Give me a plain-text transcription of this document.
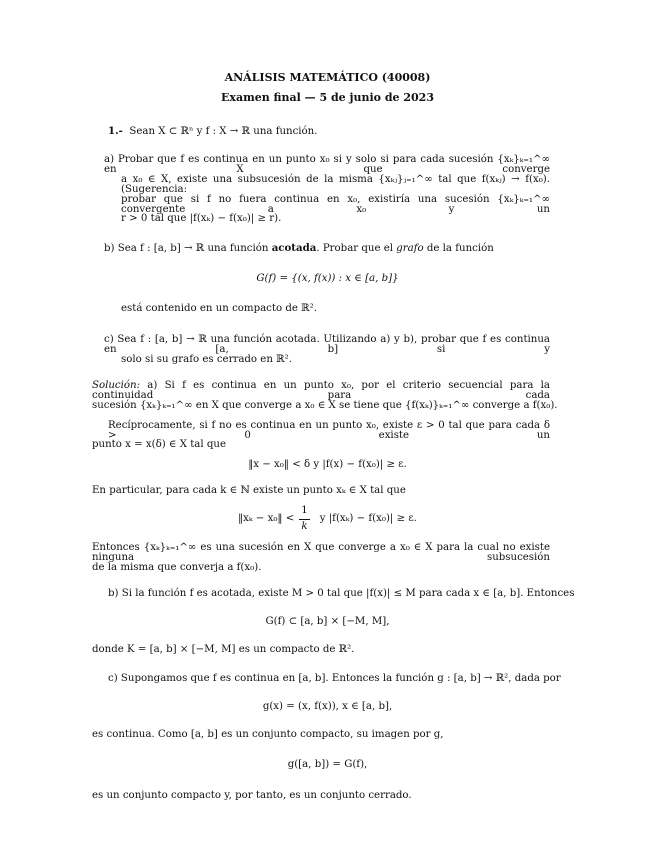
ANÁLISIS MATEMÁTICO (40008)
Examen final — 5 de junio de 2023
1.- Sean X ⊂ ℝⁿ y f : X → ℝ una función.
a) Probar que f es continua en un punto x₀ si y solo si para cada sucesión {xₖ}ₖ₌₁^∞ en X que converge
a x₀ ∈ X, existe una subsucesión de la misma {xₖⱼ}ⱼ₌₁^∞ tal que f(xₖⱼ) → f(x₀). (Sugerencia:
probar que si f no fuera continua en x₀, existiría una sucesión {xₖ}ₖ₌₁^∞ convergente a x₀ y un
r > 0 tal que |f(xₖ) − f(x₀)| ≥ r).
b) Sea f : [a, b] → ℝ una función acotada. Probar que el grafo de la función
G(f) = {(x, f(x)) : x ∈ [a, b]}
está contenido en un compacto de ℝ².
c) Sea f : [a, b] → ℝ una función acotada. Utilizando a) y b), probar que f es continua en [a, b] si y
solo si su grafo es cerrado en ℝ².
Solución: a) Si f es continua en un punto x₀, por el criterio secuencial para la continuidad para cada
sucesión {xₖ}ₖ₌₁^∞ en X que converge a x₀ ∈ X se tiene que {f(xₖ)}ₖ₌₁^∞ converge a f(x₀).
Recíprocamente, si f no es continua en un punto x₀, existe ε > 0 tal que para cada δ > 0 existe un
punto x = x(δ) ∈ X tal que
‖x − x₀‖ < δ y |f(x) − f(x₀)| ≥ ε.
En particular, para cada k ∈ ℕ existe un punto xₖ ∈ X tal que
‖xₖ − x₀‖ < $\frac{1}{k}$ y |f(xₖ) − f(x₀)| ≥ ε.
Entonces {xₖ}ₖ₌₁^∞ es una sucesión en X que converge a x₀ ∈ X para la cual no existe ninguna subsucesión
de la misma que converja a f(x₀).
b) Si la función f es acotada, existe M > 0 tal que |f(x)| ≤ M para cada x ∈ [a, b]. Entonces
G(f) ⊂ [a, b] × [−M, M],
donde K = [a, b] × [−M, M] es un compacto de ℝ².
c) Supongamos que f es continua en [a, b]. Entonces la función g : [a, b] → ℝ², dada por
g(x) = (x, f(x)), x ∈ [a, b],
es continua. Como [a, b] es un conjunto compacto, su imagen por g,
g([a, b]) = G(f),
es un conjunto compacto y, por tanto, es un conjunto cerrado.
